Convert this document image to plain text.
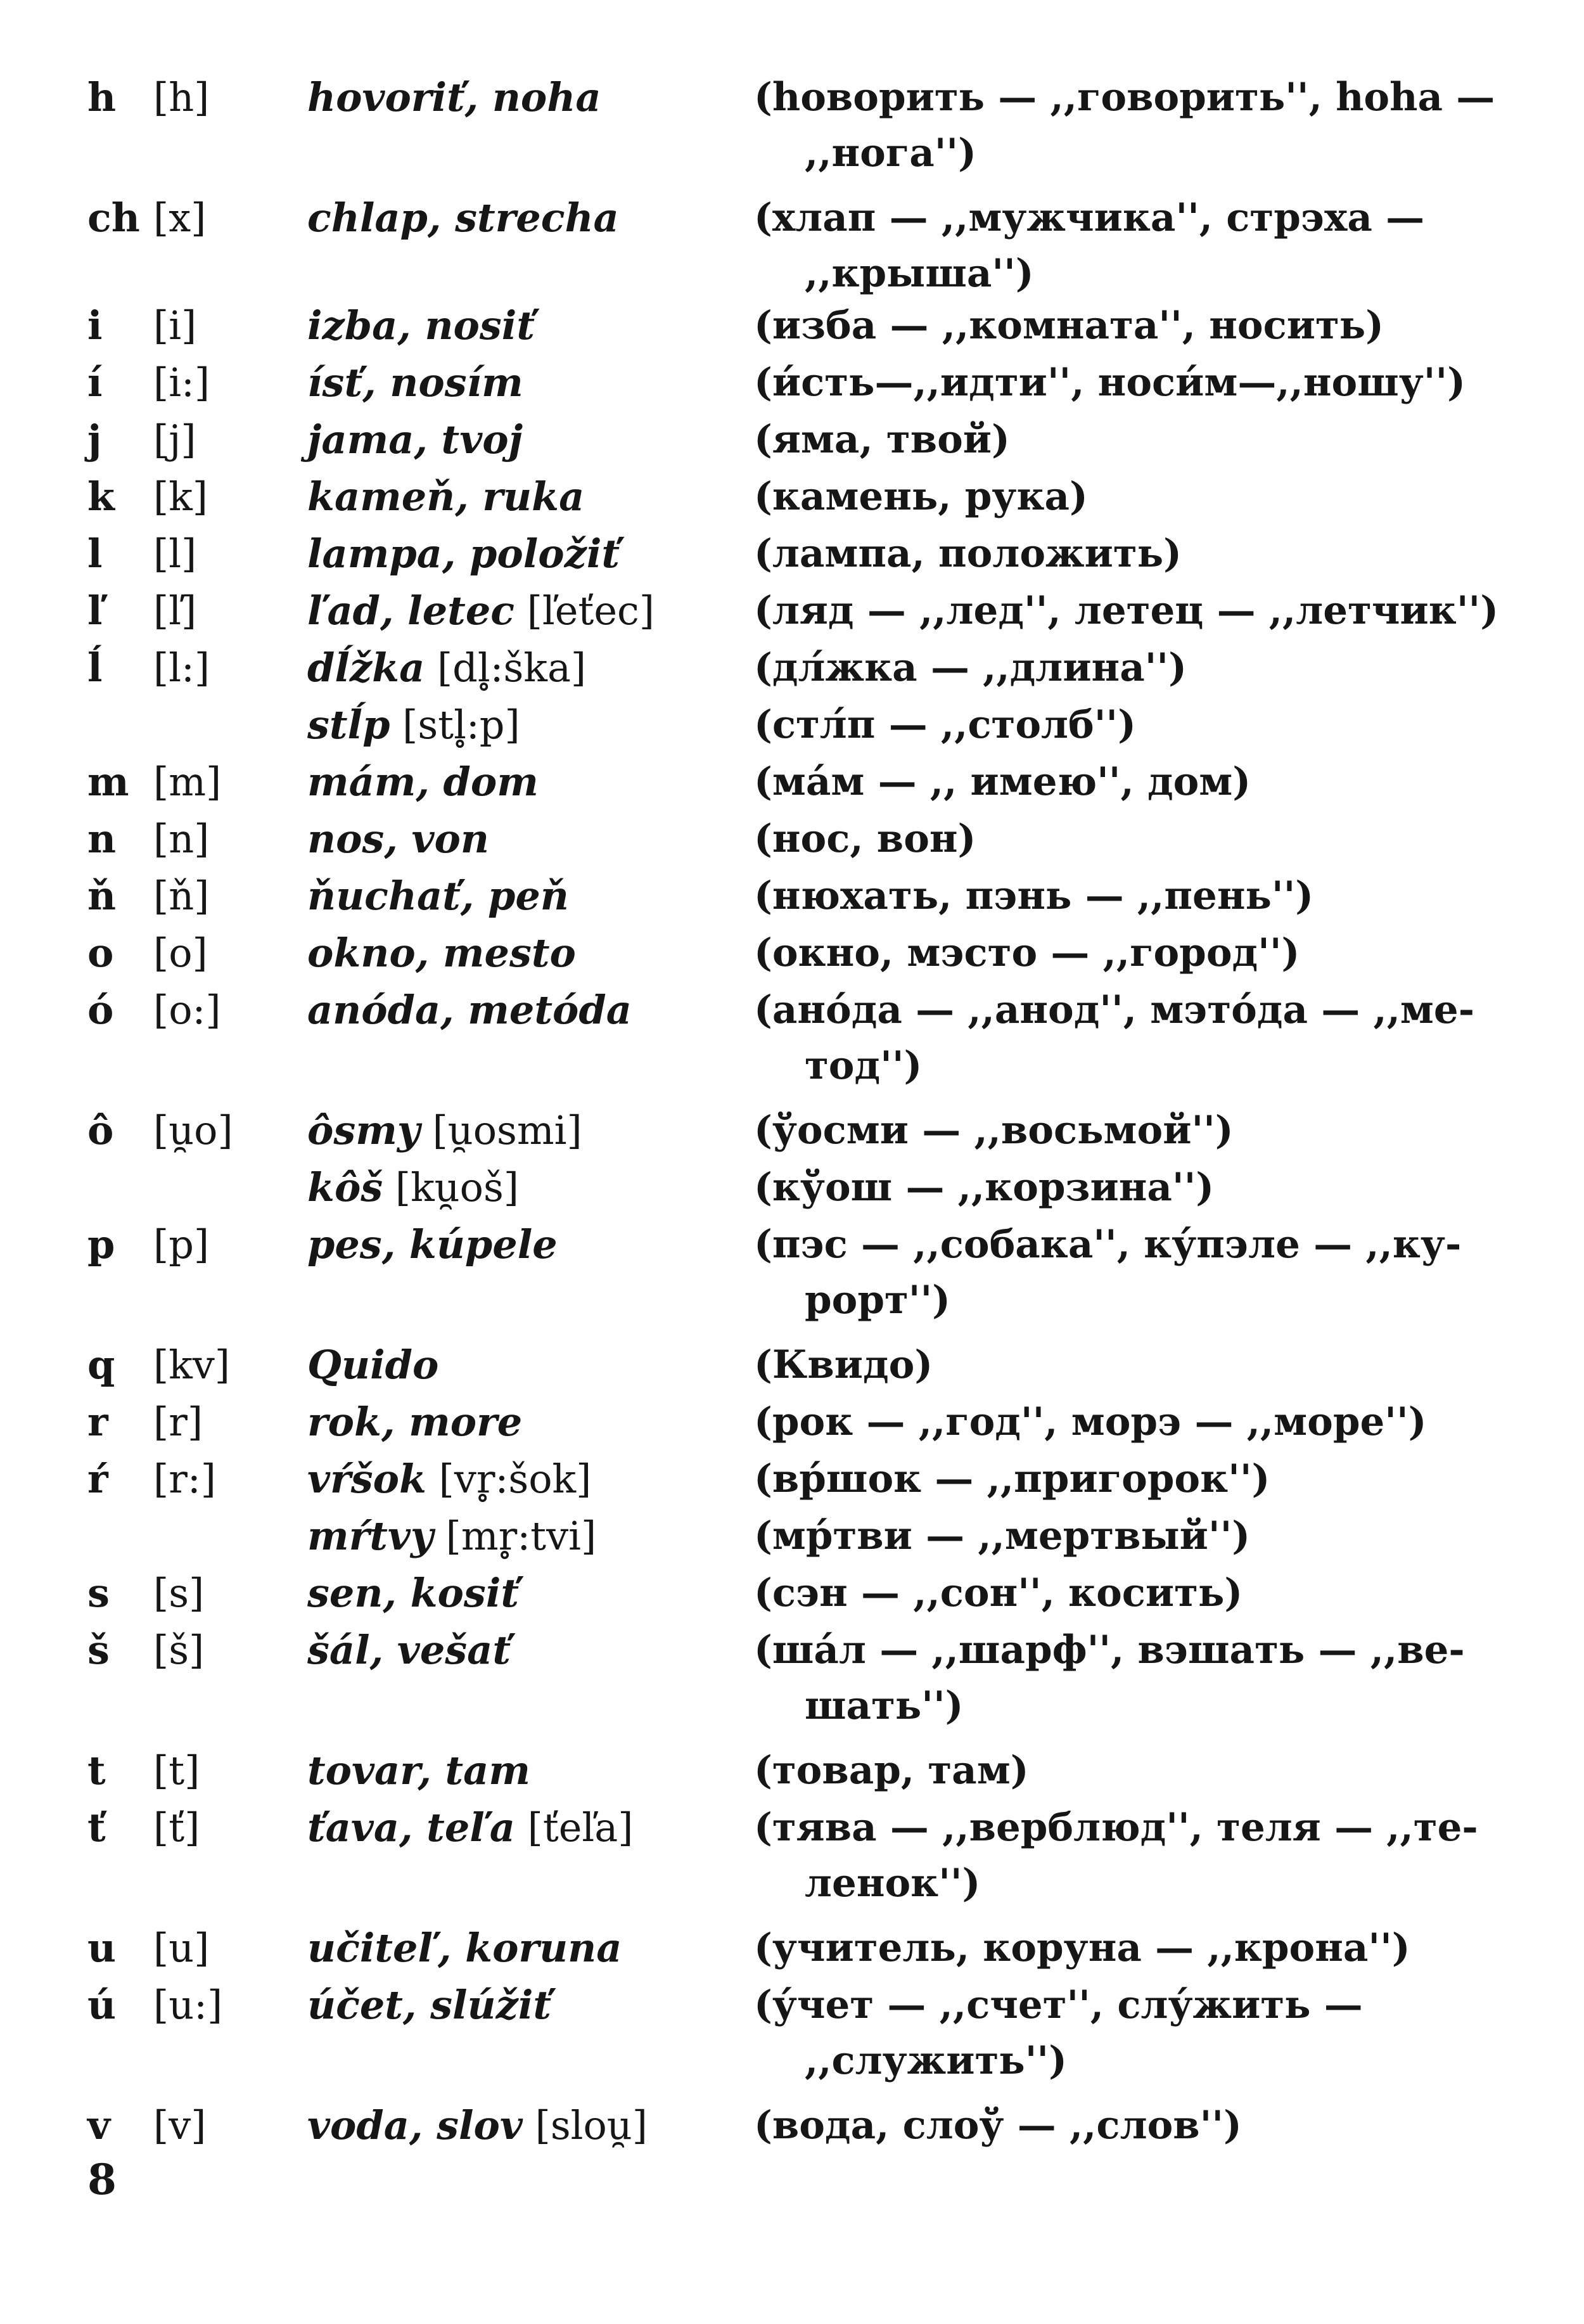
8
h [h]	hovoriť, noha	(hоворить — ,,говорить'', hоhа —
,,нога'')
ch [x]	chlap, strecha	(хлап — ,,мужчика'', стрэха —
,,крыша'')
i	[i]	izba, nosiť	(изба — ,,комната'', носить)
í	[i:]	ísť, nosím	(и́сть—,,идти'', носи́м—,,ношу'')
j	[j]	jama, tvoj	(яма, твой)
k [k]	kameň, ruka	(камень, рука)
l	[l]	lampa, položiť	(лампа, положить)
ľ	[ľ]	ľad, letec [ľeťec]	(ляд — ,,лед'', летец — ,,летчик'')
ĺ	[l:]	dĺžka [dl̥:ška]	(дл́жка — ,,длина'')
stĺp [stl̥:p]	(стл́п — ,,столб'')
m [m]	mám, dom	(ма́м — ,, имею'', дом)
n [n]	nos, von	(нос, вон)
ň [ň]	ňuchať, peň	(нюхать, пэнь — ,,пень'')
o	[o]	okno, mesto	(окно, мэсто — ,,город'')
ó	[o:]	anóda, metóda	(ано́да — ,,анод'', мэто́да — ,,ме-
тод'')
ô	[u̯o]	ôsmy [u̯osmi]	(ўосми — ,,восьмой'')
kôš [ku̯oš]	(кўош — ,,корзина'')
p [p]	pes, kúpele	(пэс — ,,собака'', ку́пэле — ,,ку-
рорт'')
q [kv]	Quido	(Квидо)
r	[r]	rok, more	(рок — ,,год'', морэ — ,,море'')
ŕ	[r:]	vŕšok [vr̥:šok]	(вр́шок — ,,пригорок'')
mŕtvy [mr̥:tvi]	(мр́тви — ,,мертвый'')
s	[s]	sen, kosiť	(сэн — ,,сон'', косить)
š	[š]	šál, vešať	(ша́л — ,,шарф'', вэшать — ,,ве-
шать'')
t	[t]	tovar, tam	(товар, там)
ť	[ť]	ťava, teľa [ťeľa]	(тява — ,,верблюд'', теля — ,,те-
ленок'')
u [u]	učiteľ, koruna	(учитель, коруна — ,,крона'')
ú [u:]	účet, slúžiť	(у́чет — ,,счет'', слу́жить —
,,служить'')
v	[v]	voda, slov [slou̯]	(вода, слоў — ,,слов'')
